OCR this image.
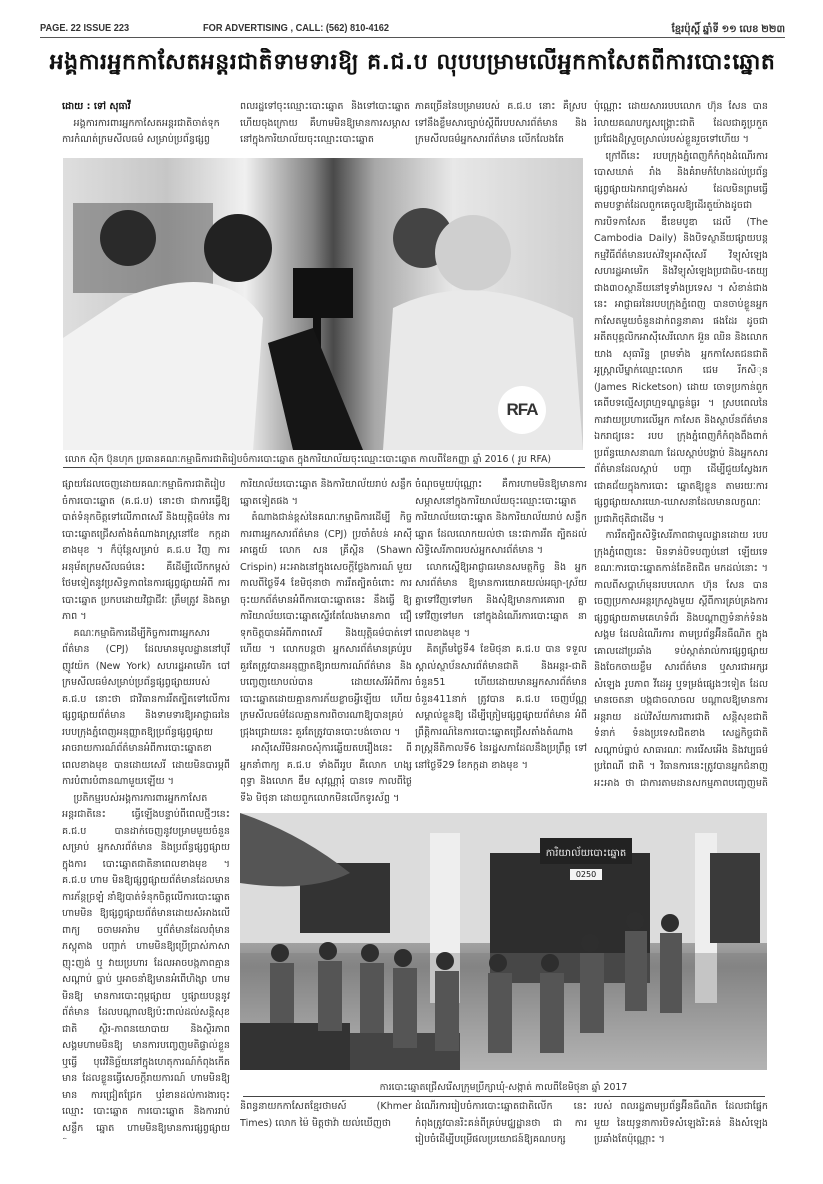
PAGE. 22 ISSUE 223	FOR ADVERTISING , CALL: (562) 810-4162	ខ្មែរប៉ុស្តិ៍ ឆ្នាំទី ១១ លេខ ២២៣
អង្គការអ្នកកាសែតអន្តរជាតិទាមទារឱ្យ គ.ជ.ប លុបបម្រាមលើអ្នកកាសែតពីការបោះឆ្នោត
ដោយ : ទៅ សុធាវី

អង្គការការពារអ្នកកាសែតអន្តរជាតិចាត់ទុកការកំណត់ក្រមសីលធម៌ សម្រាប់ប្រព័ន្ធផ្សព្វ

ពលរដ្ឋទៅចុះឈ្មោះបោះឆ្នោត និងទៅបោះឆ្នោត ហើយចុងក្រោយ គឺហាមមិនឱ្យមានការសម្ភាសនៅក្នុងការិយាល័យចុះឈ្មោះបោះឆ្នោត

ភាគច្រើននៃបម្រាមរបស់ គ.ជ.ប នោះ គឺស្រប ទៅនឹងខ្លឹមសារច្បាប់ស្តីពីរបបសារព័ត៌មាន និង ក្រមសីលធម៌អ្នកសារព័ត៌មាន លើកលែងតែ

RFA
លោក ស៊ិក ប៊ុនហុក ប្រធានគណៈកម្មាធិការជាតិរៀបចំការបោះឆ្នោត ក្នុងការិយាល័យចុះឈ្មោះបោះឆ្នោត កាលពីខែកញ្ញា ឆ្នាំ 2016 ( រូប RFA)

ប៉ុណ្ណោះ ដោយសាររបបលោក ហ៊ុន សែន បាន រំលាយគណបក្សសង្គ្រោះជាតិ ដែលជាគូប្រកួត ប្រជែងដ៏ស្រួចស្រាល់របស់ខ្លួនរួចទៅហើយ ។

ក្រៅពីនេះ របបក្រុងភ្នំពេញក៏កំពុងដំណើរការ បោសឃាត់ រាំង និងគំរាមកំហែងដល់ប្រព័ន្ធផ្សព្វផ្សាយឯករាជ្យទាំងអស់ ដែលមិនព្រមធ្វើតាមបទ្ចាត់ដែលពួកគេចូលឱ្យដើរតួយ៉ាងដូចជា ការបិទកាសែត ឌឹខេមបូឌា ដេលី (The Cambodia Daily) និងបិទស្ថានីយផ្សាយបន្ត កម្មវិធីព័ត៌មានរបស់វិទ្យុអាស៊ីសេរី វិទ្យុសំឡេង សហរដ្ឋអាមេរិក និងវិទ្យុសំឡេងប្រជាធិប-តេយ្យជាង៣០ស្ថានីយនៅទូទាំងប្រទេស ។ សំខាន់ជាងនេះ អាជ្ញាធរនៃរបបក្រុងភ្នំពេញ បានចាប់ខ្លួនអ្នកកាសែតមួយចំនួនដាក់ពន្ធនាគារ ផងដែរ ដូចជា អតីតបុគ្គលិកអាស៊ីសេរីលោក អ៊ួន ឈិន និងលោក យាង សុធារិន្ទ ព្រមទាំង អ្នកកាសែតជនជាតិអូស្ត្រាលីម្នាក់ឈ្មោះលោក ជេម រីកសិុន (James Ricketson) ដោយ ចោទប្រកាន់ពួកគេពីបទល្មើសព្រហ្មទណ្ឌធ្ងន់ធ្ងរ ។ ស្របពេលនៃការវាយប្រហារលើអ្នក កាសែត និងស្ថាប័នព័ត៌មានឯករាជ្យនេះ របប ក្រុងភ្នំពេញក៏កំពុងពឹងពាក់ប្រព័ន្ធឃោសនាណា ដែលស្តាប់បង្គាប់ និងអ្នកសារព័ត៌មានដែលស្តាប់ បញ្ជា ដើម្បីជួយស្វែងរកជោគជ័យក្នុងការបោះ ឆ្នោតឱ្យខ្លួន តាមរយៈការផ្សព្វផ្សាយសារឃោ-ឃោសនាដែលមានលក្ខណៈប្រជាភិថុតិជាដើម ។

ការរឹតត្បិតសិទ្ធិសេរីភាពជាមូលដ្ឋានដោយ របបក្រុងភ្នំពេញនេះ មិនទាន់បិទបញ្ចប់នៅ ឡើយទេ ខណៈការបោះឆ្នោតកាន់តែខិតជិត មកដល់នោះ ។ កាលពីសប្តាហ៍មុនរបបលោក ហ៊ុន សែន បានចេញប្រកាសអន្តរក្រសួងមួយ ស្តីពីការគ្រប់គ្រងការផ្សព្វផ្សាយតាមគេហទំព័រ និងបណ្តាញទំនាក់ទំនងសង្គម ដែលដំណើរការ តាមប្រព័ន្ធអ៊ីនធឺណិត ក្នុងគោលដៅប្រឆាំង ទប់ស្កាត់រាល់ការផ្សព្វផ្សាយ និងចែកចាយខ្លឹម សារព័ត៌មាន ឬសារជាអក្សរ សំឡេង រូបភាព វីដេអូ ឬទម្រង់ផ្សេងៗទៀត ដែលមានចេតនា បង្កជាចលាចល បណ្តាលឱ្យមានការអន្តរាយ ដល់វិស័យការពារជាតិ សន្តិសុខជាតិ ទំនាក់ ទំនងប្រទេសជិតខាង សេដ្ឋកិច្ចជាតិ សណ្តាប់ធ្នាប់ សាធារណៈ ការរើសអើង និងវប្បធម៌ ប្រពៃណី ជាតិ ។ វិធានការនេះត្រូវបានអ្នកជំនាញអះអាង ថា ជាការតាមដានសកម្មភាពបញ្ចេញមតិ

ផ្សាយដែលចេញដោយគណៈកម្មាធិការជាតិរៀប ចំការបោះឆ្នោត (គ.ជ.ប) នោះថា ជាការធ្វើឱ្យ បាត់ទំនុកចិត្តទៅលើភាពសេរី និងយុត្តិធម៌នៃ ការបោះឆ្នោតជ្រើសតាំងតំណាងរាស្ត្រនៅខែ កក្កដាខាងមុខ ។ ក៏ប៉ុន្តែសម្រាប់ គ.ជ.ប វិញ ការអនុម័តក្រមសីលធម៌នេះ គឺដើម្បីលើកកម្ពស់ ថែមទៀតនូវប្រសិទ្ធភាពនៃការផ្សព្វផ្សាយអំពី ការបោះឆ្នោត ប្រកបដោយវិជ្ជាជីវៈ ត្រឹមត្រូវ និងតម្លាភាព ។

គណៈកម្មាធិការដើម្បីកិច្ចការពារអ្នកសារ ព័ត៌មាន (CPJ) ដែលមានមូលដ្ឋាននៅបុរី ញូវយ៉ក (New York) សហរដ្ឋអាមេរិក បៅ ក្រមសីលធម៌សម្រាប់ប្រព័ន្ធផ្សព្វផ្សាយរបស់ គ.ជ.ប នោះថា ជាវិធានការរឹតត្បិតទៅលើការ ផ្សព្វផ្សាយព័ត៌មាន និងទាមទារឱ្យអាជ្ញាធរនៃ របបក្រុងភ្នំពេញអនុញ្ញាតឱ្យប្រព័ន្ធផ្សព្វផ្សាយ អាចរាយការណ៍ព័ត៌មានអំពីការបោះឆ្នោតខា ពេលខាងមុខ បានដោយសេរី ដោយមិនបារម្ភពី ការបំពារបំពានណាមួយឡើយ ។

ប្រតិកម្មរបស់អង្គការការពារអ្នកកាសែត អន្តរជាតិនេះ ធ្វើឡើងបន្ទាប់ពីពេលថ្មីៗនេះ គ.ជ.ប បានដាក់ចេញនូវបម្រាមមួយចំនួនសម្រាប់ អ្នកសារព័ត៌មាន និងប្រព័ន្ធផ្សព្វផ្សាយក្នុងការ បោះឆ្នោតជាតិនាពេលខាងមុខ ។ គ.ជ.ប ហាម មិនឱ្យផ្សព្វផ្សាយព័ត៌មានដែលមានការភ័ន្តច្រឡំ នាំឱ្យបាត់ទំនុកចិត្តលើការបោះឆ្នោត ហាមមិន ឱ្យផ្សព្វផ្សាយព័ត៌មានដោយសំអាងលើពាក្យ ចចាមអារ៉ាម ឬព័ត៌មានដែលពុំមានភស្តុតាង បញ្ជាក់ ហាមមិនឱ្យប្រើប្រាស់ភាសាញុះញង់ ឬ វាយប្រហារ ដែលអាចបង្កភាពគ្មានសណ្តាប់ ធ្នាប់ ឬអាចនាំឱ្យមានអំពើហិង្សា ហាមមិនឱ្យ មានការបោះពុម្ពផ្សាយ ឬផ្សាយបន្តនូវព័ត៌មាន ដែលបណ្តាលឱ្យប៉ះពាល់ដល់សន្តិសុខជាតិ ស្ថិរ-ភាពនយោបាយ និងស្ថិរភាពសង្គមហាមមិនឱ្យ មានការបញ្ចេញមតិផ្ទាល់ខ្លួន ឬធ្វើ បុរេវិនិច្ឆ័យនៅក្នុងហេតុការណ៍កំពុងកើតមាន ដែលខ្លួនធ្វើសេចក្តីរាយការណ៍ ហាមមិនឱ្យមាន ការជ្រៀតជ្រែក ឬរំខានដល់ការងារចុះឈ្មោះ បោះឆ្នោត ការបោះឆ្នោត និងការរាប់សន្លឹក ឆ្នោត ហាមមិនឱ្យមានការផ្សព្វផ្សាយ

ការិយាល័យបោះឆ្នោត និងការិយាល័យរាប់ សន្លឹកឆ្នោតទៀតផង ។

តំណាងជាន់ខ្ពស់នៃគណៈកម្មាធិការដើម្បី កិច្ចការពារអ្នកសារព័ត៌មាន (CPJ) ប្រចាំតំបន់ អាស៊ីអាគ្នេយ៍ លោក សន គ្រីស្ពិន (Shawn Crispin) អះអាងនៅក្នុងសេចក្តីថ្លែងការណ៍ មួយកាលពីថ្ងៃទី4 ខែមិថុនាថា ការរឹតត្បិតចំពោះ ការចុះយកព័ត៌មានអំពីការបោះឆ្នោតនេះ នឹងធ្វើ ឱ្យការិយាល័យបោះឆ្នោតស្ទើរតែលែងមានភាព ជឿទុកចិត្តបានអំពីភាពសេរី និងយុត្តិធម៌បាត់ទៅ ហើយ ។ លោកបន្តថា អ្នកសារព័ត៌មានគ្រប់រូប គួរតែត្រូវបានអនុញ្ញាតឱ្យរាយការណ៍ព័ត៌មាន និងបញ្ចេញយោបល់បាន ដោយសេរីអំពីការ បោះឆ្នោតដោយគ្មានការភ័យខ្លាចអ្វីឡើយ ហើយ ក្រមសីលធម៌ដែលគ្មានការពិចារណាឱ្យបានគ្រប់ ជ្រុងជ្រោយនេះ គួរតែត្រូវបានបោះបង់ចោល ។

អាស៊ីសេរីមិនអាចសុំការឆ្លើយតបរឿងនេះ ពីអ្នកនាំពាក្យ គ.ជ.ប ទាំងពីររូប គឺលោក ហង្ស ពុទ្ធា និងលោក ឌឹម សុវណ្ណារុំ បានទេ កាលពីថ្ងៃ ទី៦ មិថុនា ដោយពួកលោកមិនលើកទូរស័ព្ទ ។

ចំណុចមួយប៉ុណ្ណោះ គឺការហាមមិនឱ្យមានការ សម្ភាសនៅក្នុងការិយាល័យចុះឈ្មោះបោះឆ្នោត ការិយាល័យបោះឆ្នោត និងការិយាល័យរាប់ សន្លឹកឆ្នោត ដែលលោកយល់ថា នេះជាការរឹត ត្បិតដល់សិទ្ធិសេរីភាពរបស់អ្នកសារព័ត៌មាន ។

លោកស្នើឱ្យអាជ្ញាធរមានសមត្ថកិច្ច និង អ្នកសារព័ត៌មាន ឱ្យមានការយោគយល់អធ្យា-ស្រ័យគ្នាទៅវិញទៅមក និងសុំឱ្យមានការគោរព គ្នាទៅវិញទៅមក នៅក្នុងដំណើរការបោះឆ្នោត នាពេលខាងមុខ ។

គិតត្រឹមថ្ងៃទី4 ខែមិថុនា គ.ជ.ប បាន ទទួលស្គាល់ស្ថាប័នសារព័ត៌មានជាតិ និងអន្តរ-ជាតិចំនួន51 ហើយដោយមានអ្នកសារព័ត៌មាន ចំនួន411នាក់ ត្រូវបាន គ.ជ.ប ចេញប័ណ្ណ សម្គាល់ខ្លួនឱ្យ ដើម្បីត្រៀមផ្សព្វផ្សាយព័ត៌មាន អំពីព្រឹត្តិការណ៍នៃការបោះឆ្នោតជ្រើសតាំងតំណាង រាស្ត្រនីតិកាលទី6 នៃរដ្ឋសភាដែលនឹងប្រព្រឹត្ត ទៅនៅថ្ងៃទី29 ខែកក្កដា ខាងមុខ ។

ការិយាល័យបោះឆ្នោត
0250
ការបោះឆ្នោតជ្រើសរើសក្រុមប្រឹក្សាឃុំ-សង្កាត់ កាលពីខែមិថុនា ឆ្នាំ 2017

និពន្ធនាយកកាសែតខ្មែរថាមស៍ (Khmer Times) លោក ម៉ៃ មិត្តថាវ៉ា យល់ឃើញថា

ដំណើរការរៀបចំការបោះឆ្នោតជាតិលើក នេះ កំពុងត្រូវបានរិះគន់ពីគ្រប់មជ្ឈដ្ឋានថា ជា ការរៀបចំដើម្បីបម្រើផលប្រយោជន៍ឱ្យគណបក្ស

របស់ ពលរដ្ឋតាមប្រព័ន្ធអ៊ីនធឺណិត ដែលជាផ្នែកមួយ នៃយុទ្ធនាការបិទសំឡេងរិះគន់ និងសំឡេង ប្រឆាំងតែប៉ុណ្ណោះ ។
